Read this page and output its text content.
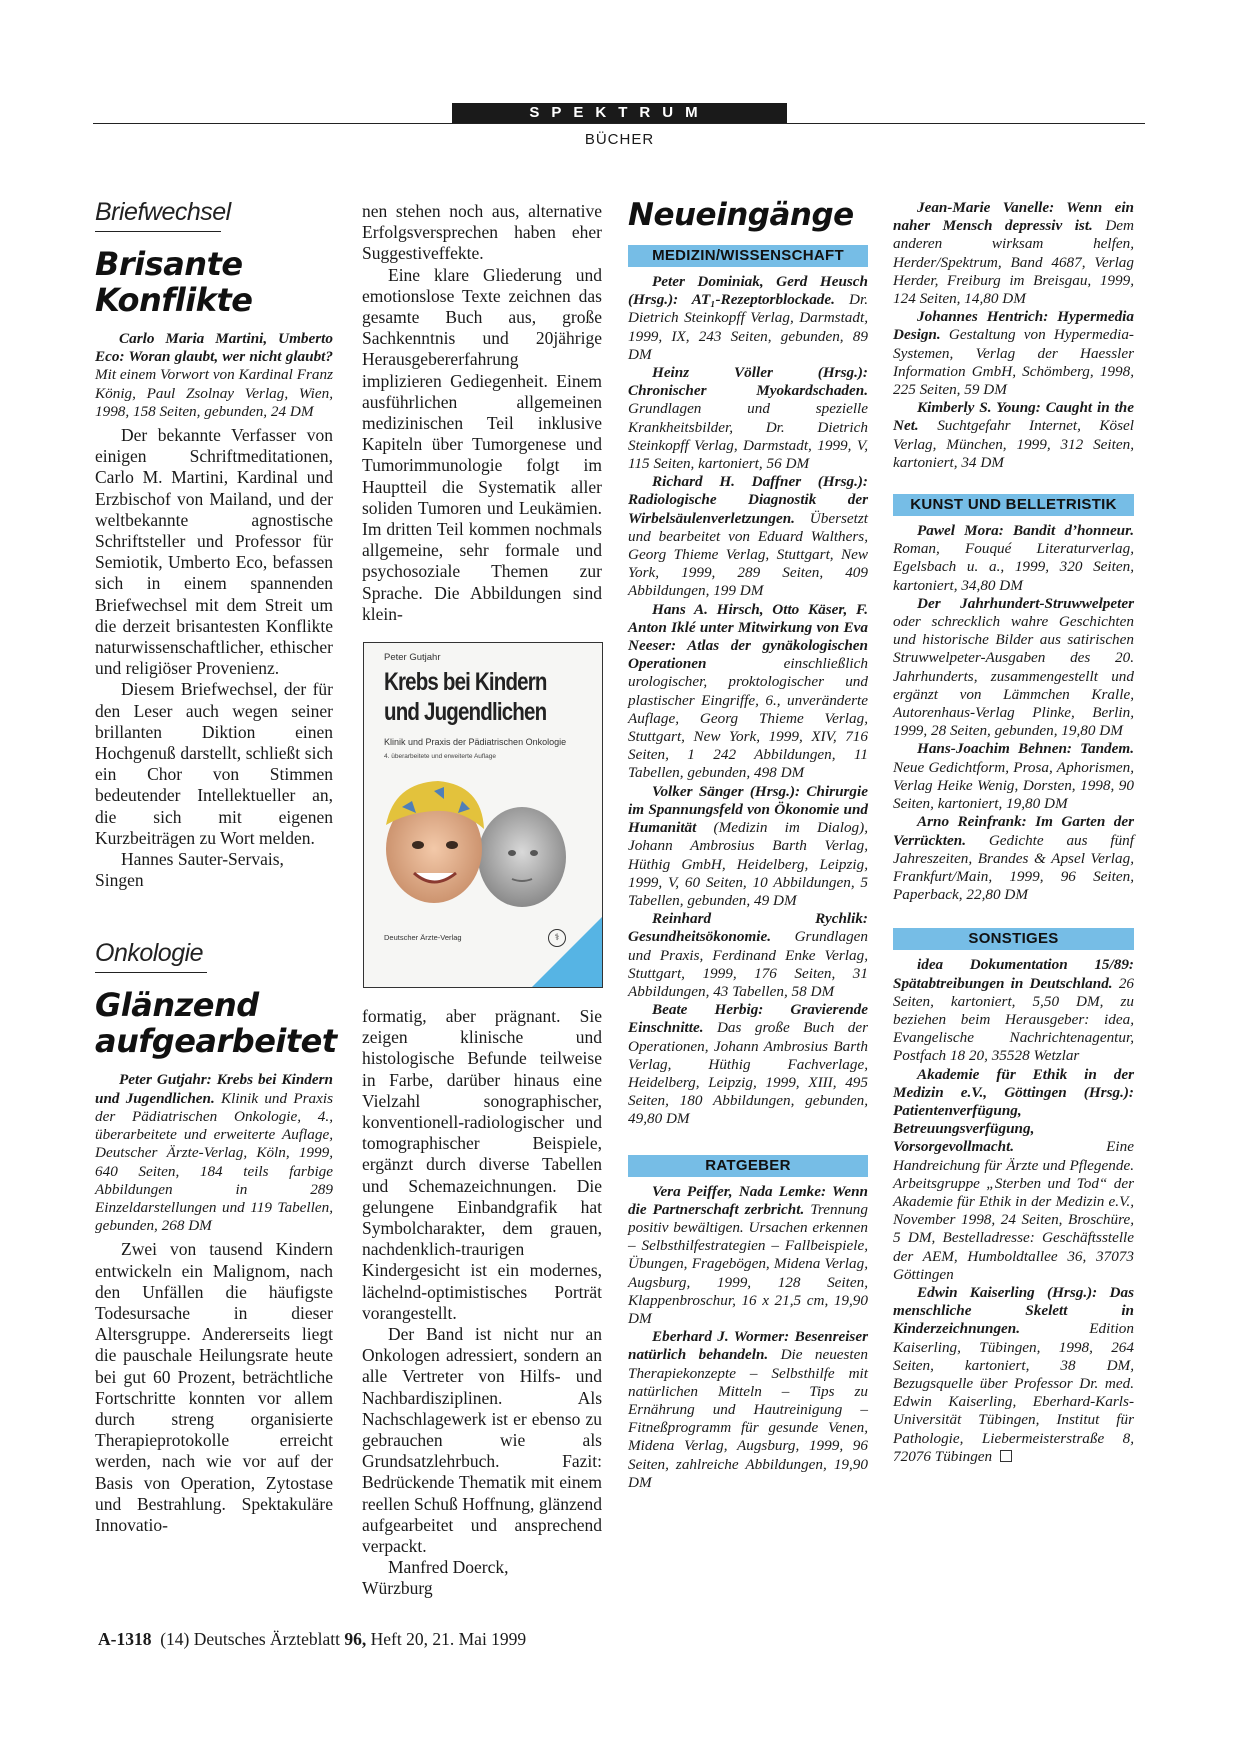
SPEKTRUM
BÜCHER
Briefwechsel
Brisante
Konflikte

Carlo Maria Martini, Umberto Eco: Woran glaubt, wer nicht glaubt? Mit einem Vorwort von Kardinal Franz König, Paul Zsolnay Verlag, Wien, 1998, 158 Seiten, gebunden, 24 DM

Der bekannte Verfasser von einigen Schriftmeditationen, Carlo M. Martini, Kardinal und Erzbischof von Mailand, und der weltbekannte agnostische Schriftsteller und Professor für Semiotik, Umberto Eco, befassen sich in einem spannenden Briefwechsel mit dem Streit um die derzeit brisantesten Konflikte naturwissenschaftlicher, ethischer und religiöser Provenienz.

Diesem Briefwechsel, der für den Leser auch wegen seiner brillanten Diktion einen Hochgenuß darstellt, schließt sich ein Chor von Stimmen bedeutender Intellektueller an, die sich mit eigenen Kurzbeiträgen zu Wort melden.

Hannes Sauter-Servais,
Singen

Onkologie
Glänzend
aufgearbeitet

Peter Gutjahr: Krebs bei Kindern und Jugendlichen. Klinik und Praxis der Pädiatrischen Onkologie, 4., überarbeitete und erweiterte Auflage, Deutscher Ärzte-Verlag, Köln, 1999, 640 Seiten, 184 teils farbige Abbildungen in 289 Einzeldarstellungen und 119 Tabellen, gebunden, 268 DM

Zwei von tausend Kindern entwickeln ein Malignom, nach den Unfällen die häufigste Todesursache in dieser Altersgruppe. Andererseits liegt die pauschale Heilungsrate heute bei gut 60 Prozent, beträchtliche Fortschritte konnten vor allem durch streng organisierte Therapieprotokolle erreicht werden, nach wie vor auf der Basis von Operation, Zytostase und Bestrahlung. Spektakuläre Innovatio-

nen stehen noch aus, alternative Erfolgsversprechen haben eher Suggestiveffekte.

Eine klare Gliederung und emotionslose Texte zeichnen das gesamte Buch aus, große Sachkenntnis und 20jährige Herausgebererfahrung implizieren Gediegenheit. Einem ausführlichen allgemeinen medizinischen Teil inklusive Kapiteln über Tumorgenese und Tumorimmunologie folgt im Hauptteil die Systematik aller soliden Tumoren und Leukämien. Im dritten Teil kommen nochmals allgemeine, sehr formale und psychosoziale Themen zur Sprache. Die Abbildungen sind klein-

Peter Gutjahr
Krebs bei Kindern
und Jugendlichen
Klinik und Praxis der Pädiatrischen Onkologie
4. überarbeitete und erweiterte Auflage
Deutscher Ärzte-Verlag	⚕

formatig, aber prägnant. Sie zeigen klinische und histologische Befunde teilweise in Farbe, darüber hinaus eine Vielzahl sonographischer, konventionell-radiologischer und tomographischer Beispiele, ergänzt durch diverse Tabellen und Schemazeichnungen. Die gelungene Einbandgrafik hat Symbolcharakter, dem grauen, nachdenklich-traurigen Kindergesicht ist ein modernes, lächelnd-optimistisches Porträt vorangestellt.

Der Band ist nicht nur an Onkologen adressiert, sondern an alle Vertreter von Hilfs- und Nachbardisziplinen. Als Nachschlagewerk ist er ebenso zu gebrauchen wie als Grundsatzlehrbuch. Fazit: Bedrückende Thematik mit einem reellen Schuß Hoffnung, glänzend aufgearbeitet und ansprechend verpackt.

Manfred Doerck,
Würzburg

Neueingänge
MEDIZIN/WISSENSCHAFT

Peter Dominiak, Gerd Heusch (Hrsg.): AT₁-Rezeptorblockade. Dr. Dietrich Steinkopff Verlag, Darmstadt, 1999, IX, 243 Seiten, gebunden, 89 DM

Heinz Völler (Hrsg.): Chronischer Myokardschaden. Grundlagen und spezielle Krankheitsbilder, Dr. Dietrich Steinkopff Verlag, Darmstadt, 1999, V, 115 Seiten, kartoniert, 56 DM

Richard H. Daffner (Hrsg.): Radiologische Diagnostik der Wirbelsäulenverletzungen. Übersetzt und bearbeitet von Eduard Walthers, Georg Thieme Verlag, Stuttgart, New York, 1999, 289 Seiten, 409 Abbildungen, 199 DM

Hans A. Hirsch, Otto Käser, F. Anton Iklé unter Mitwirkung von Eva Neeser: Atlas der gynäkologischen Operationen einschließlich urologischer, proktologischer und plastischer Eingriffe, 6., unveränderte Auflage, Georg Thieme Verlag, Stuttgart, New York, 1999, XIV, 716 Seiten, 1 242 Abbildungen, 11 Tabellen, gebunden, 498 DM

Volker Sänger (Hrsg.): Chirurgie im Spannungsfeld von Ökonomie und Humanität (Medizin im Dialog), Johann Ambrosius Barth Verlag, Hüthig GmbH, Heidelberg, Leipzig, 1999, V, 60 Seiten, 10 Abbildungen, 5 Tabellen, gebunden, 49 DM

Reinhard Rychlik: Gesundheitsökonomie. Grundlagen und Praxis, Ferdinand Enke Verlag, Stuttgart, 1999, 176 Seiten, 31 Abbildungen, 43 Tabellen, 58 DM

Beate Herbig: Gravierende Einschnitte. Das große Buch der Operationen, Johann Ambrosius Barth Verlag, Hüthig Fachverlage, Heidelberg, Leipzig, 1999, XIII, 495 Seiten, 180 Abbildungen, gebunden, 49,80 DM

RATGEBER

Vera Peiffer, Nada Lemke: Wenn die Partnerschaft zerbricht. Trennung positiv bewältigen. Ursachen erkennen – Selbsthilfestrategien – Fallbeispiele, Übungen, Fragebögen, Midena Verlag, Augsburg, 1999, 128 Seiten, Klappenbroschur, 16 x 21,5 cm, 19,90 DM

Eberhard J. Wormer: Besenreiser natürlich behandeln. Die neuesten Therapiekonzepte – Selbsthilfe mit natürlichen Mitteln – Tips zu Ernährung und Hautreinigung – Fitneßprogramm für gesunde Venen, Midena Verlag, Augsburg, 1999, 96 Seiten, zahlreiche Abbildungen, 19,90 DM

Jean-Marie Vanelle: Wenn ein naher Mensch depressiv ist. Dem anderen wirksam helfen, Herder/Spektrum, Band 4687, Verlag Herder, Freiburg im Breisgau, 1999, 124 Seiten, 14,80 DM

Johannes Hentrich: Hypermedia Design. Gestaltung von Hypermedia-Systemen, Verlag der Haessler Information GmbH, Schömberg, 1998, 225 Seiten, 59 DM

Kimberly S. Young: Caught in the Net. Suchtgefahr Internet, Kösel Verlag, München, 1999, 312 Seiten, kartoniert, 34 DM

KUNST UND BELLETRISTIK

Pawel Mora: Bandit d’honneur. Roman, Fouqué Literaturverlag, Egelsbach u. a., 1999, 320 Seiten, kartoniert, 34,80 DM

Der Jahrhundert-Struwwelpeter oder schrecklich wahre Geschichten und historische Bilder aus satirischen Struwwelpeter-Ausgaben des 20. Jahrhunderts, zusammengestellt und ergänzt von Lämmchen Kralle, Autorenhaus-Verlag Plinke, Berlin, 1999, 28 Seiten, gebunden, 19,80 DM

Hans-Joachim Behnen: Tandem. Neue Gedichtform, Prosa, Aphorismen, Verlag Heike Wenig, Dorsten, 1998, 90 Seiten, kartoniert, 19,80 DM

Arno Reinfrank: Im Garten der Verrückten. Gedichte aus fünf Jahreszeiten, Brandes & Apsel Verlag, Frankfurt/Main, 1999, 96 Seiten, Paperback, 22,80 DM

SONSTIGES

idea Dokumentation 15/89: Spätabtreibungen in Deutschland. 26 Seiten, kartoniert, 5,50 DM, zu beziehen beim Herausgeber: idea, Evangelische Nachrichtenagentur, Postfach 18 20, 35528 Wetzlar

Akademie für Ethik in der Medizin e.V., Göttingen (Hrsg.): Patientenverfügung, Betreuungsverfügung, Vorsorgevollmacht. Eine Handreichung für Ärzte und Pflegende. Arbeitsgruppe „Sterben und Tod“ der Akademie für Ethik in der Medizin e.V., November 1998, 24 Seiten, Broschüre, 5 DM, Bestelladresse: Geschäftsstelle der AEM, Humboldtallee 36, 37073 Göttingen

Edwin Kaiserling (Hrsg.): Das menschliche Skelett in Kinderzeichnungen. Edition Kaiserling, Tübingen, 1998, 264 Seiten, kartoniert, 38 DM, Bezugsquelle über Professor Dr. med. Edwin Kaiserling, Eberhard-Karls-Universität Tübingen, Institut für Pathologie, Liebermeisterstraße 8, 72076 Tübingen

A-1318  (14) Deutsches Ärzteblatt 96, Heft 20, 21. Mai 1999
